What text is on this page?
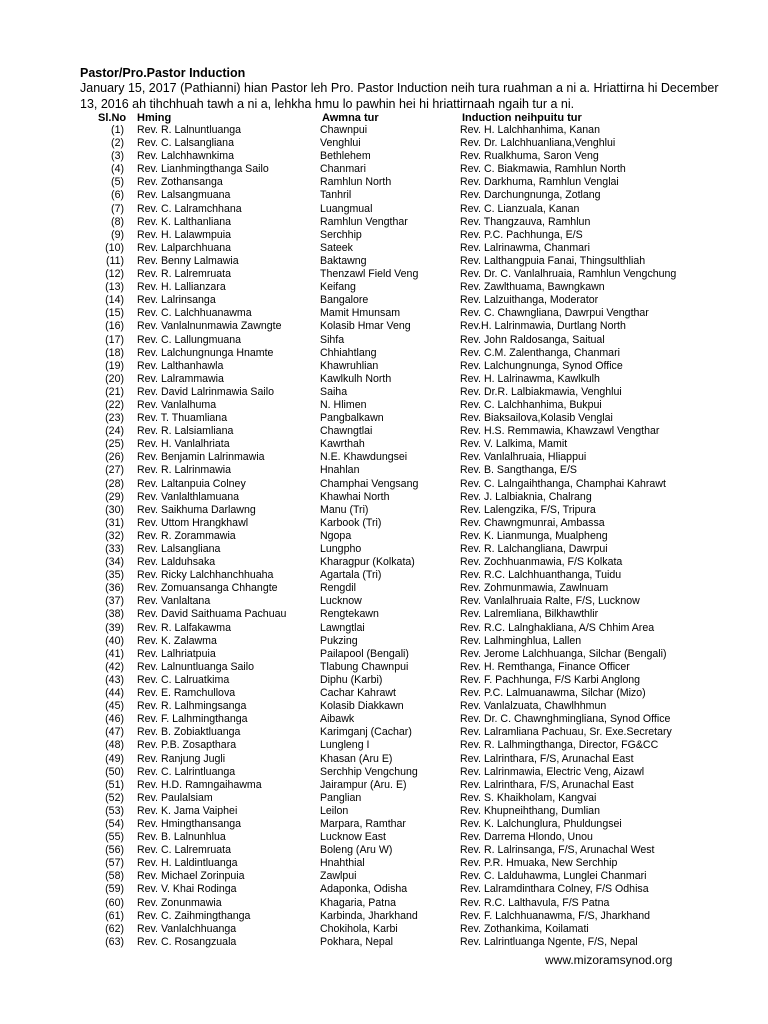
Pastor/Pro.Pastor Induction
January 15, 2017 (Pathianni) hian Pastor leh Pro. Pastor Induction neih tura ruahman a ni a. Hriattirna hi December 13, 2016 ah tihchhuah tawh a ni a, lehkha hmu lo pawhin hei hi hriattirnaah ngaih tur a ni.
Sl.No Hming	Awmna tur	Induction neihpuitu tur
(1) Rev. R. Lalnuntluanga	Chawnpui	Rev. H. Lalchhanhima, Kanan
(2) Rev. C. Lalsangliana	Venghlui	Rev. Dr. Lalchhuanliana,Venghlui
(3) Rev. Lalchhawnkima	Bethlehem	Rev. Rualkhuma, Saron Veng
(4) Rev. Lianhmingthanga Sailo	Chanmari	Rev. C. Biakmawia, Ramhlun North
(5) Rev. Zothansanga	Ramhlun North	Rev. Darkhuma, Ramhlun Venglai
(6) Rev. Lalsangmuana	Tanhril	Rev. Darchungnunga, Zotlang
(7) Rev. C. Lalramchhana	Luangmual	Rev. C. Lianzuala, Kanan
(8) Rev. K. Lalthanliana	Ramhlun Vengthar	Rev. Thangzauva, Ramhlun
(9) Rev. H. Lalawmpuia	Serchhip	Rev. P.C. Pachhunga, E/S
(10) Rev. Lalparchhuana	Sateek	Rev. Lalrinawma, Chanmari
(11) Rev. Benny Lalmawia	Baktawng	Rev. Lalthangpuia Fanai, Thingsulthliah
(12) Rev. R. Lalremruata	Thenzawl Field Veng	Rev. Dr. C. Vanlalhruaia, Ramhlun Vengchung
(13) Rev. H. Lallianzara	Keifang	Rev. Zawlthuama, Bawngkawn
(14) Rev. Lalrinsanga	Bangalore	Rev. Lalzuithanga, Moderator
(15) Rev. C. Lalchhuanawma	Mamit Hmunsam	Rev. C. Chawngliana, Dawrpui Vengthar
(16) Rev. Vanlalnunmawia Zawngte	Kolasib Hmar Veng	Rev.H. Lalrinmawia, Durtlang North
(17) Rev. C. Lallungmuana	Sihfa	Rev. John Raldosanga, Saitual
(18) Rev. Lalchungnunga Hnamte	Chhiahtlang	Rev. C.M. Zalenthanga, Chanmari
(19) Rev. Lalthanhawla	Khawruhlian	Rev. Lalchungnunga, Synod Office
(20) Rev. Lalrammawia	Kawlkulh North	Rev. H. Lalrinawma, Kawlkulh
(21) Rev. David Lalrinmawia Sailo	Saiha	Rev. Dr.R. Lalbiakmawia, Venghlui
(22) Rev. Vanlalhuma	N. Hlimen	Rev. C. Lalchhanhima, Bukpui
(23) Rev. T. Thuamliana	Pangbalkawn	Rev. Biaksailova,Kolasib Venglai
(24) Rev. R. Lalsiamliana	Chawngtlai	Rev. H.S. Remmawia, Khawzawl Vengthar
(25) Rev. H. Vanlalhriata	Kawrthah	Rev. V. Lalkima, Mamit
(26) Rev. Benjamin Lalrinmawia	N.E. Khawdungsei	Rev. Vanlalhruaia, Hliappui
(27) Rev. R. Lalrinmawia	Hnahlan	Rev. B. Sangthanga, E/S
(28) Rev. Laltanpuia Colney	Champhai Vengsang	Rev. C. Lalngaihthanga, Champhai Kahrawt
(29) Rev. Vanlalthlamuana	Khawhai North	Rev. J. Lalbiaknia, Chalrang
(30) Rev. Saikhuma Darlawng	Manu (Tri)	Rev. Lalengzika, F/S, Tripura
(31) Rev. Uttom Hrangkhawl	Karbook (Tri)	Rev. Chawngmunrai, Ambassa
(32) Rev. R. Zorammawia	Ngopa	Rev. K. Lianmunga, Mualpheng
(33) Rev. Lalsangliana	Lungpho	Rev. R. Lalchangliana, Dawrpui
(34) Rev. Lalduhsaka	Kharagpur (Kolkata)	Rev. Zochhuanmawia, F/S Kolkata
(35) Rev. Ricky Lalchhanchhuaha	Agartala (Tri)	Rev. R.C. Lalchhuanthanga, Tuidu
(36) Rev. Zomuansanga Chhangte	Rengdil	Rev. Zohmunmawia, Zawlnuam
(37) Rev. Vanlaltana	Lucknow	Rev. Vanlalhruaia Ralte, F/S, Lucknow
(38) Rev. David Saithuama Pachuau	Rengtekawn	Rev. Lalremliana, Bilkhawthlir
(39) Rev. R. Lalfakawma	Lawngtlai	Rev. R.C. Lalnghakliana, A/S Chhim Area
(40) Rev. K. Zalawma	Pukzing	Rev. Lalhminghlua, Lallen
(41) Rev. Lalhriatpuia	Pailapool (Bengali)	Rev. Jerome Lalchhuanga, Silchar (Bengali)
(42) Rev. Lalnuntluanga Sailo	Tlabung Chawnpui	Rev. H. Remthanga, Finance Officer
(43) Rev. C. Lalruatkima	Diphu (Karbi)	Rev. F. Pachhunga, F/S Karbi Anglong
(44) Rev. E. Ramchullova	Cachar Kahrawt	Rev. P.C. Lalmuanawma, Silchar (Mizo)
(45) Rev. R. Lalhmingsanga	Kolasib Diakkawn	Rev. Vanlalzuata, Chawlhhmun
(46) Rev. F. Lalhmingthanga	Aibawk	Rev. Dr. C. Chawnghmingliana, Synod Office
(47) Rev. B. Zobiaktluanga	Karimganj (Cachar)	Rev. Lalramliana Pachuau, Sr. Exe.Secretary
(48) Rev. P.B. Zosapthara	Lungleng I	Rev. R. Lalhmingthanga, Director, FG&CC
(49) Rev. Ranjung Jugli	Khasan (Aru E)	Rev. Lalrinthara, F/S, Arunachal East
(50) Rev. C. Lalrintluanga	Serchhip Vengchung	Rev. Lalrinmawia, Electric Veng, Aizawl
(51) Rev. H.D. Ramngaihawma	Jairampur (Aru. E)	Rev. Lalrinthara, F/S, Arunachal East
(52) Rev. Paulalsiam	Panglian	Rev. S. Khaikholam, Kangvai
(53) Rev. K. Jama Vaiphei	Leilon	Rev. Khupneihthang, Dumlian
(54) Rev. Hmingthansanga	Marpara, Ramthar	Rev. K. Lalchunglura, Phuldungsei
(55) Rev. B. Lalnunhlua	Lucknow East	Rev. Darrema Hlondo, Unou
(56) Rev. C. Lalremruata	Boleng (Aru W)	Rev. R. Lalrinsanga, F/S, Arunachal West
(57) Rev. H. Laldintluanga	Hnahthial	Rev. P.R. Hmuaka, New Serchhip
(58) Rev. Michael Zorinpuia	Zawlpui	Rev. C. Lalduhawma, Lunglei Chanmari
(59) Rev. V. Khai Rodinga	Adaponka, Odisha	Rev. Lalramdinthara Colney, F/S Odhisa
(60) Rev. Zonunmawia	Khagaria, Patna	Rev. R.C. Lalthavula, F/S Patna
(61) Rev. C. Zaihmingthanga	Karbinda, Jharkhand	Rev. F. Lalchhuanawma, F/S, Jharkhand
(62) Rev. Vanlalchhuanga	Chokihola, Karbi	Rev. Zothankima, Koilamati
(63) Rev. C. Rosangzuala	Pokhara, Nepal	Rev. Lalrintluanga Ngente, F/S, Nepal
www.mizoramsynod.org
